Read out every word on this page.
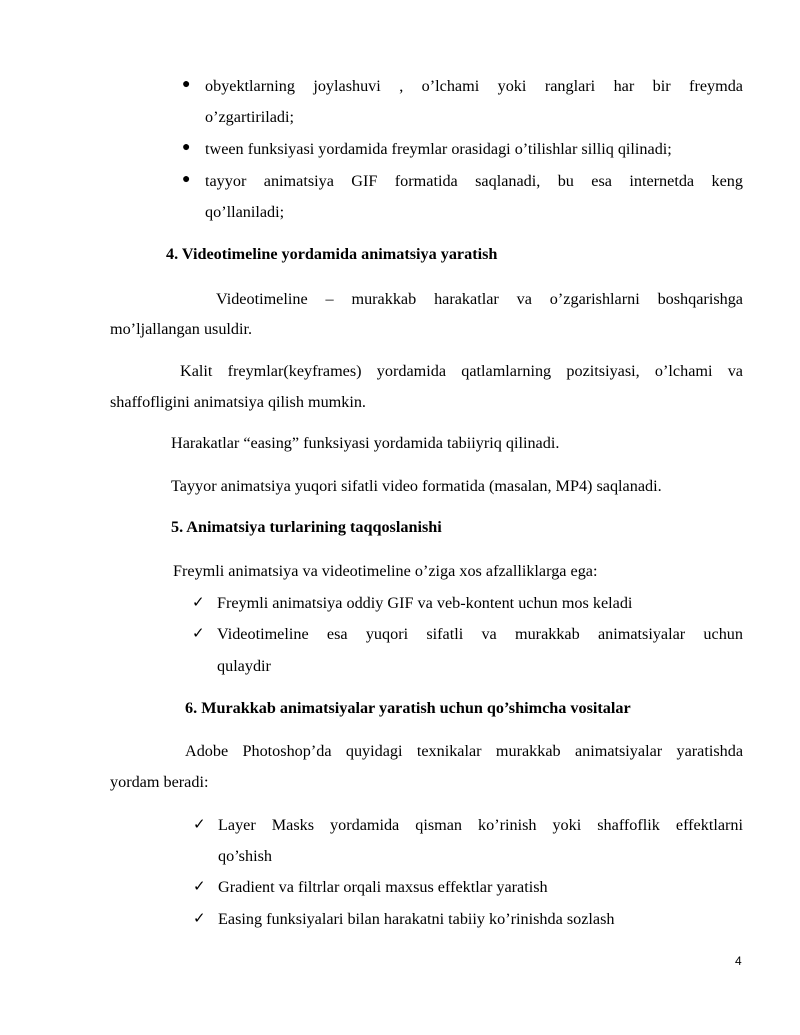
● obyektlarning joylashuvi , o’lchami yoki ranglari har bir freymda
o’zgartiriladi;
● tween funksiyasi yordamida freymlar orasidagi o’tilishlar silliq qilinadi;
● tayyor animatsiya GIF formatida saqlanadi, bu esa internetda keng
qo’llaniladi;
4. Videotimeline yordamida animatsiya yaratish
Videotimeline – murakkab harakatlar va o’zgarishlarni boshqarishga
mo’ljallangan usuldir.
Kalit freymlar(keyframes) yordamida qatlamlarning pozitsiyasi, o’lchami va
shaffofligini animatsiya qilish mumkin.
Harakatlar “easing” funksiyasi yordamida tabiiyriq qilinadi.
Tayyor animatsiya yuqori sifatli video formatida (masalan, MP4) saqlanadi.
5. Animatsiya turlarining taqqoslanishi
Freymli animatsiya va videotimeline o’ziga xos afzalliklarga ega:
✓ Freymli animatsiya oddiy GIF va veb-kontent uchun mos keladi
✓ Videotimeline esa yuqori sifatli va murakkab animatsiyalar uchun
qulaydir
6. Murakkab animatsiyalar yaratish uchun qo’shimcha vositalar
Adobe Photoshop’da quyidagi texnikalar murakkab animatsiyalar yaratishda
yordam beradi:
✓ Layer Masks yordamida qisman ko’rinish yoki shaffoflik effektlarni
qo’shish
✓ Gradient va filtrlar orqali maxsus effektlar yaratish
✓ Easing funksiyalari bilan harakatni tabiiy ko’rinishda sozlash
4
